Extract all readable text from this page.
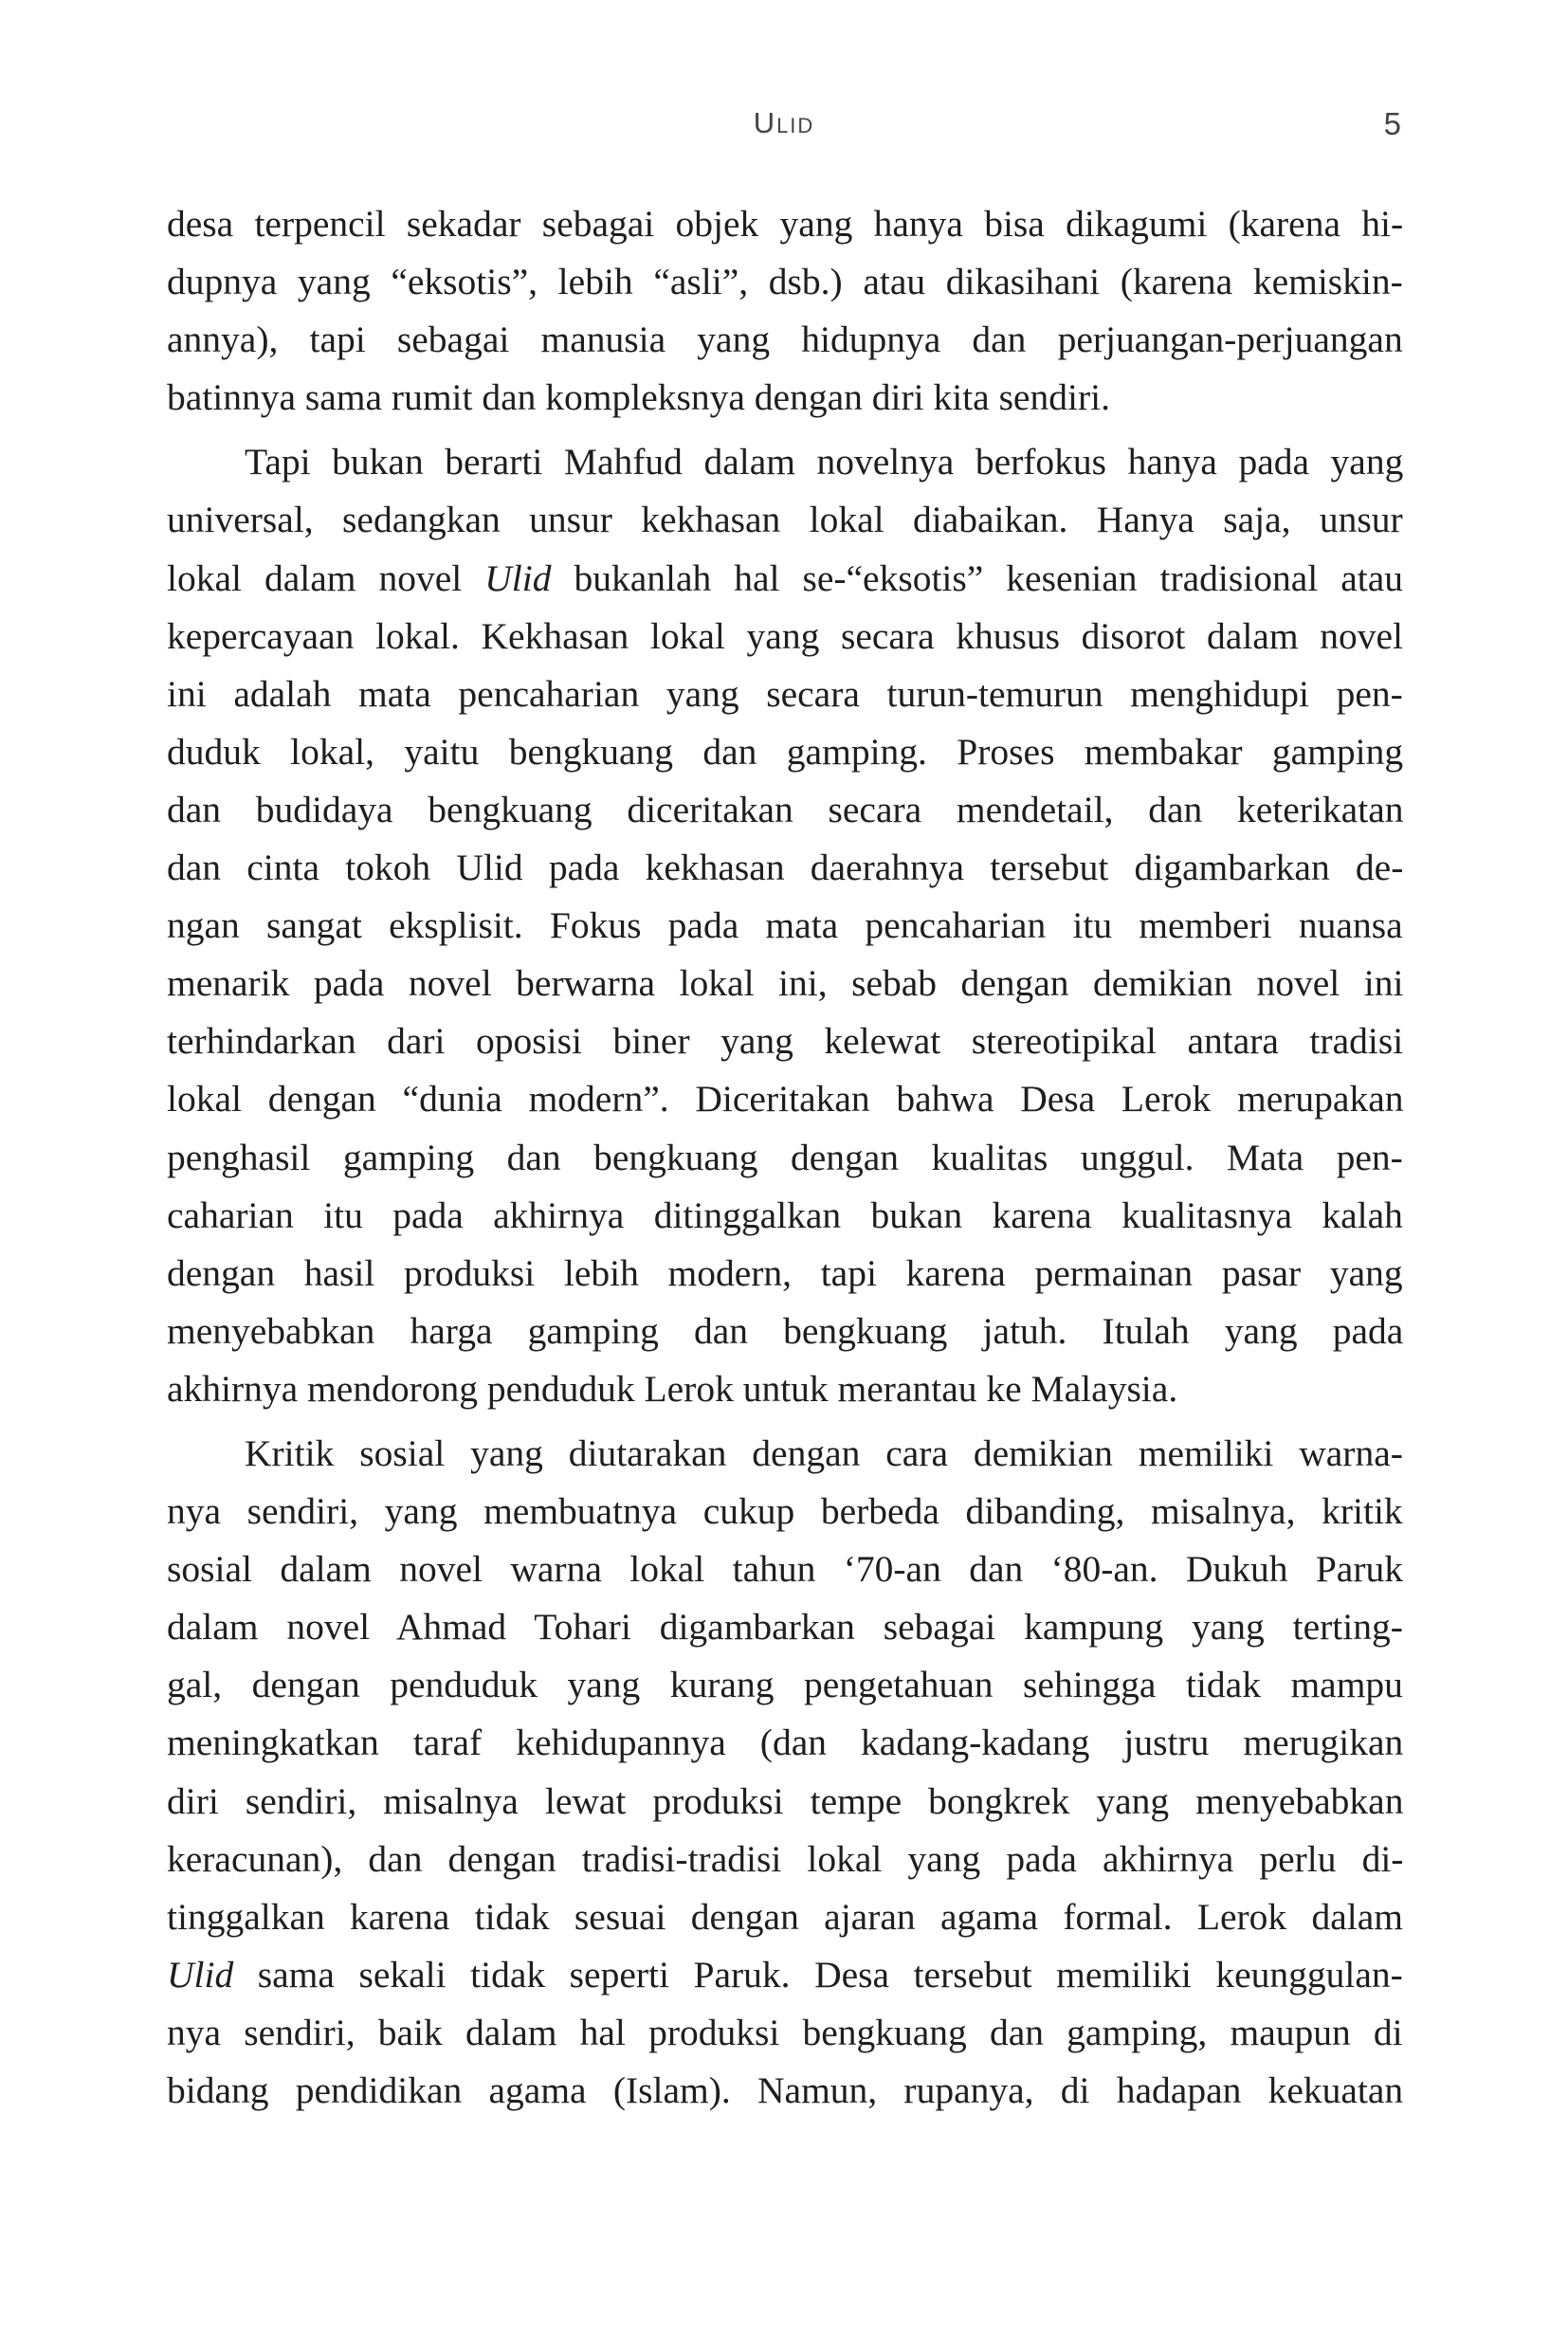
Ulid	5
desa terpencil sekadar sebagai objek yang hanya bisa dikagumi (karena hi-
dupnya yang “eksotis”, lebih “asli”, dsb.) atau dikasihani (karena kemiskin-
annya), tapi sebagai manusia yang hidupnya dan perjuangan-perjuangan
batinnya sama rumit dan kompleksnya dengan diri kita sendiri.
Tapi bukan berarti Mahfud dalam novelnya berfokus hanya pada yang
universal, sedangkan unsur kekhasan lokal diabaikan. Hanya saja, unsur
lokal dalam novel Ulid bukanlah hal se-“eksotis” kesenian tradisional atau
kepercayaan lokal. Kekhasan lokal yang secara khusus disorot dalam novel
ini adalah mata pencaharian yang secara turun-temurun menghidupi pen-
duduk lokal, yaitu bengkuang dan gamping. Proses membakar gamping
dan budidaya bengkuang diceritakan secara mendetail, dan keterikatan
dan cinta tokoh Ulid pada kekhasan daerahnya tersebut digambarkan de-
ngan sangat eksplisit. Fokus pada mata pencaharian itu memberi nuansa
menarik pada novel berwarna lokal ini, sebab dengan demikian novel ini
terhindarkan dari oposisi biner yang kelewat stereotipikal antara tradisi
lokal dengan “dunia modern”. Diceritakan bahwa Desa Lerok merupakan
penghasil gamping dan bengkuang dengan kualitas unggul. Mata pen-
caharian itu pada akhirnya ditinggalkan bukan karena kualitasnya kalah
dengan hasil produksi lebih modern, tapi karena permainan pasar yang
menyebabkan harga gamping dan bengkuang jatuh. Itulah yang pada
akhirnya mendorong penduduk Lerok untuk merantau ke Malaysia.
Kritik sosial yang diutarakan dengan cara demikian memiliki warna-
nya sendiri, yang membuatnya cukup berbeda dibanding, misalnya, kritik
sosial dalam novel warna lokal tahun ‘70-an dan ‘80-an. Dukuh Paruk
dalam novel Ahmad Tohari digambarkan sebagai kampung yang terting-
gal, dengan penduduk yang kurang pengetahuan sehingga tidak mampu
meningkatkan taraf kehidupannya (dan kadang-kadang justru merugikan
diri sendiri, misalnya lewat produksi tempe bongkrek yang menyebabkan
keracunan), dan dengan tradisi-tradisi lokal yang pada akhirnya perlu di-
tinggalkan karena tidak sesuai dengan ajaran agama formal. Lerok dalam
Ulid sama sekali tidak seperti Paruk. Desa tersebut memiliki keunggulan-
nya sendiri, baik dalam hal produksi bengkuang dan gamping, maupun di
bidang pendidikan agama (Islam). Namun, rupanya, di hadapan kekuatan
